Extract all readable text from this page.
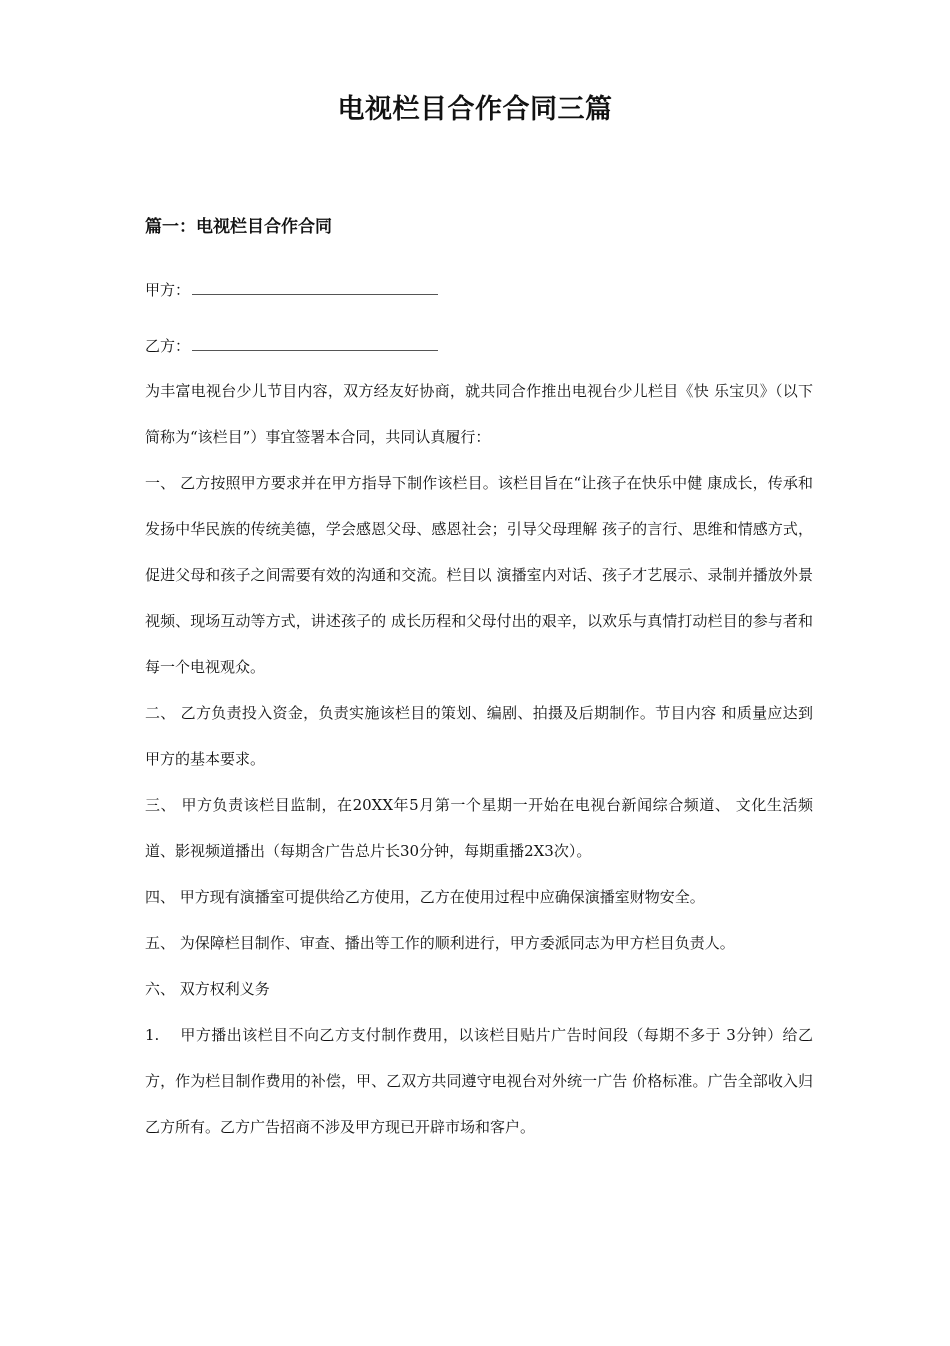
电视栏目合作合同三篇
篇一：电视栏目合作合同
甲方：
乙方：

为丰富电视台少儿节目内容，双方经友好协商，就共同合作推出电视台少儿栏目《快 乐宝贝》（以下简称为“该栏目”）事宜签署本合同，共同认真履行：

一、 乙方按照甲方要求并在甲方指导下制作该栏目。该栏目旨在“让孩子在快乐中健 康成长，传承和发扬中华民族的传统美德，学会感恩父母、感恩社会；引导父母理解 孩子的言行、思维和情感方式，促进父母和孩子之间需要有效的沟通和交流。栏目以 演播室内对话、孩子才艺展示、录制并播放外景视频、现场互动等方式，讲述孩子的 成长历程和父母付出的艰辛，以欢乐与真情打动栏目的参与者和每一个电视观众。

二、 乙方负责投入资金，负责实施该栏目的策划、编剧、拍摄及后期制作。节目内容 和质量应达到甲方的基本要求。

三、 甲方负责该栏目监制，在20XX年5月第一个星期一开始在电视台新闻综合频道、 文化生活频道、影视频道播出（每期含广告总片长30分钟，每期重播2X3次）。

四、 甲方现有演播室可提供给乙方使用，乙方在使用过程中应确保演播室财物安全。

五、 为保障栏目制作、审查、播出等工作的顺利进行，甲方委派同志为甲方栏目负责人。

六、 双方权利义务

1.　 甲方播出该栏目不向乙方支付制作费用，以该栏目贴片广告时间段（每期不多于 3分钟）给乙方，作为栏目制作费用的补偿，甲、乙双方共同遵守电视台对外统一广告 价格标准。广告全部收入归乙方所有。乙方广告招商不涉及甲方现已开辟市场和客户。
